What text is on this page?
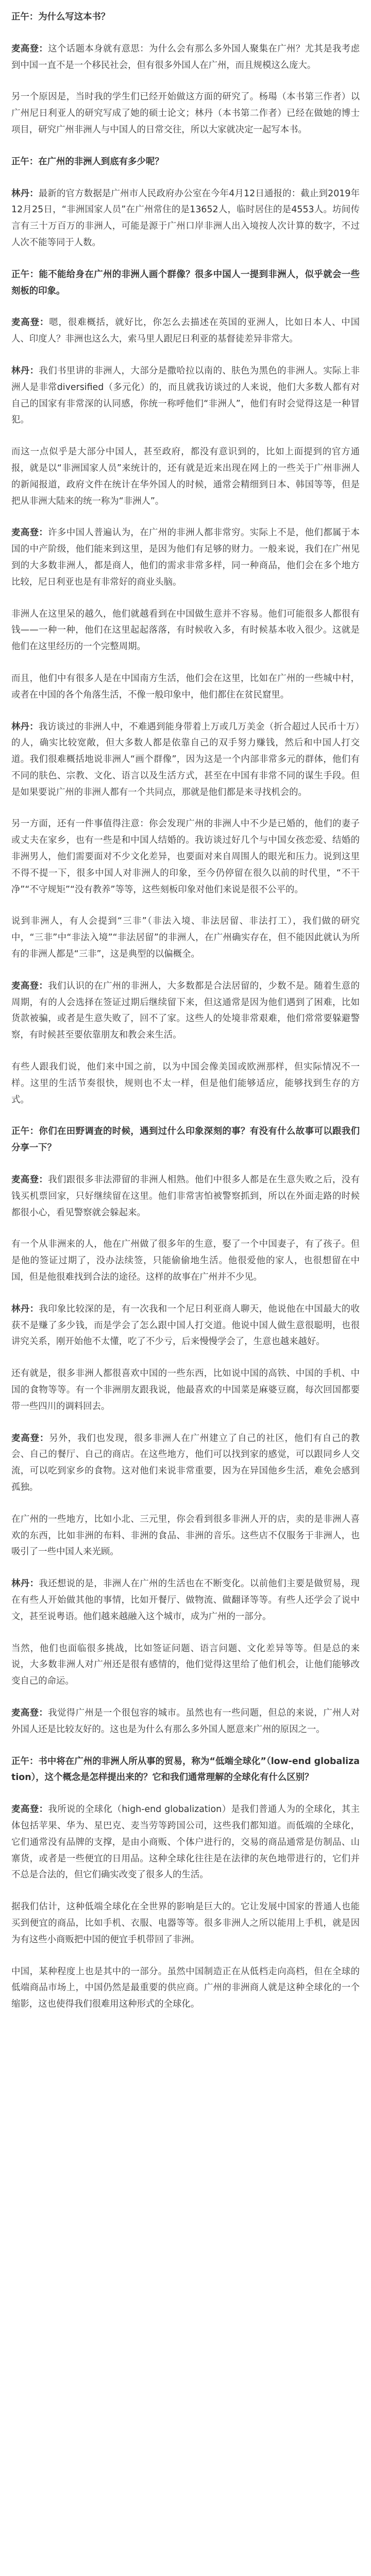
正午：为什么写这本书？

麦高登：这个话题本身就有意思：为什么会有那么多外国人聚集在广州？尤其是我考虑到中国一直不是一个移民社会，但有很多外国人在广州，而且规模这么庞大。

另一个原因是，当时我的学生们已经开始做这方面的研究了。杨瑒（本书第三作者）以广州尼日利亚人的研究写成了她的硕士论文；林丹（本书第二作者）已经在做她的博士项目，研究广州非洲人与中国人的日常交往，所以大家就决定一起写本书。

正午：在广州的非洲人到底有多少呢？

林丹：最新的官方数据是广州市人民政府办公室在今年4月12日通报的：截止到2019年12月25日，“非洲国家人员”在广州常住的是13652人，临时居住的是4553人。坊间传言有三十万百万的非洲人，可能是源于广州口岸非洲人出入境按人次计算的数字，不过人次不能等同于人数。

正午：能不能给身在广州的非洲人画个群像？很多中国人一提到非洲人，似乎就会一些刻板的印象。

麦高登：嗯，很难概括，就好比，你怎么去描述在英国的亚洲人，比如日本人、中国人、印度人？非洲也这么大，索马里人跟尼日利亚的基督徒差异非常大。

林丹：我们书里讲的非洲人，大部分是撒哈拉以南的、肤色为黑色的非洲人。实际上非洲人是非常diversified（多元化）的，而且就我访谈过的人来说，他们大多数人都有对自己的国家有非常深的认同感，你统一称呼他们“非洲人”，他们有时会觉得这是一种冒犯。

而这一点似乎是大部分中国人，甚至政府，都没有意识到的，比如上面提到的官方通报，就是以“非洲国家人员”来统计的，还有就是近来出现在网上的一些关于广州非洲人的新闻报道，政府文件在统计在华外国人的时候，通常会精细到日本、韩国等等，但是把从非洲大陆来的统一称为“非洲人”。

麦高登：许多中国人普遍认为，在广州的非洲人都非常穷。实际上不是，他们都属于本国的中产阶级，他们能来到这里，是因为他们有足够的财力。一般来说，我们在广州见到的大多数非洲人，都是商人，他们的需求非常多样，同一种商品，他们会在多个地方比较，尼日利亚也是有非常好的商业头脑。

非洲人在这里呆的越久，他们就越看到在中国做生意并不容易。他们可能很多人都很有钱——一种一种，他们在这里起起落落，有时候收入多，有时候基本收入很少。这就是他们在这里经历的一个完整周期。

而且，他们中有很多人是在中国南方生活，他们会在这里，比如在广州的一些城中村，或者在中国的各个角落生活，不像一般印象中，他们都住在贫民窟里。

林丹：我访谈过的非洲人中，不难遇到能身带着上万或几万美金（折合超过人民币十万）的人，确实比较宽敞，但大多数人都是依靠自己的双手努力赚钱，然后和中国人打交道。我们很难概括地说非洲人“画个群像”，因为这是一个内部非常多元的群体，他们有不同的肤色、宗教、文化、语言以及生活方式，甚至在中国有非常不同的谋生手段。但是如果要说广州的非洲人都有一个共同点，那就是他们都是来寻找机会的。

另一方面，还有一件事值得注意：你会发现广州的非洲人中不少是已婚的，他们的妻子或丈夫在家乡，也有一些是和中国人结婚的。我访谈过好几个与中国女孩恋爱、结婚的非洲男人，他们需要面对不少文化差异，也要面对来自周围人的眼光和压力。说到这里不得不提一下，很多中国人对非洲人的印象，至今仍停留在很久以前的时代里，“不干净”“不守规矩”“没有教养”等等，这些刻板印象对他们来说是很不公平的。

说到非洲人，有人会提到“三非”（非法入境、非法居留、非法打工），我们做的研究中，“三非”中“非法入境”“非法居留”的非洲人，在广州确实存在，但不能因此就认为所有的非洲人都是“三非”，这是典型的以偏概全。

麦高登：我们认识的在广州的非洲人，大多数都是合法居留的，少数不是。随着生意的周期，有的人会选择在签证过期后继续留下来，但这通常是因为他们遇到了困难，比如货款被骗，或者是生意失败了，回不了家。这些人的处境非常艰难，他们常常要躲避警察，有时候甚至要依靠朋友和教会来生活。

有些人跟我们说，他们来中国之前，以为中国会像美国或欧洲那样，但实际情况不一样。这里的生活节奏很快，规则也不太一样，但是他们能够适应，能够找到生存的方式。

正午：你们在田野调查的时候，遇到过什么印象深刻的事？有没有什么故事可以跟我们分享一下？

麦高登：我们跟很多非法滞留的非洲人相熟。他们中很多人都是在生意失败之后，没有钱买机票回家，只好继续留在这里。他们非常害怕被警察抓到，所以在外面走路的时候都很小心，看见警察就会躲起来。

有一个从非洲来的人，他在广州做了很多年的生意，娶了一个中国妻子，有了孩子。但是他的签证过期了，没办法续签，只能偷偷地生活。他很爱他的家人，也很想留在中国，但是他很难找到合法的途径。这样的故事在广州并不少见。

林丹：我印象比较深的是，有一次我和一个尼日利亚商人聊天，他说他在中国最大的收获不是赚了多少钱，而是学会了怎么跟中国人打交道。他说中国人做生意很聪明，也很讲究关系，刚开始他不太懂，吃了不少亏，后来慢慢学会了，生意也越来越好。

还有就是，很多非洲人都很喜欢中国的一些东西，比如说中国的高铁、中国的手机、中国的食物等等。有一个非洲朋友跟我说，他最喜欢的中国菜是麻婆豆腐，每次回国都要带一些四川的调料回去。

麦高登：另外，我们也发现，很多非洲人在广州建立了自己的社区，他们有自己的教会、自己的餐厅、自己的商店。在这些地方，他们可以找到家的感觉，可以跟同乡人交流，可以吃到家乡的食物。这对他们来说非常重要，因为在异国他乡生活，难免会感到孤独。

在广州的一些地方，比如小北、三元里，你会看到很多非洲人开的店，卖的是非洲人喜欢的东西，比如非洲的布料、非洲的食品、非洲的音乐。这些店不仅服务于非洲人，也吸引了一些中国人来光顾。

林丹：我还想说的是，非洲人在广州的生活也在不断变化。以前他们主要是做贸易，现在有些人开始做其他的事情，比如开餐厅、做物流、做翻译等等。有些人还学会了说中文，甚至说粤语。他们越来越融入这个城市，成为广州的一部分。

当然，他们也面临很多挑战，比如签证问题、语言问题、文化差异等等。但是总的来说，大多数非洲人对广州还是很有感情的，他们觉得这里给了他们机会，让他们能够改变自己的命运。

麦高登：我觉得广州是一个很包容的城市。虽然也有一些问题，但总的来说，广州人对外国人还是比较友好的。这也是为什么有那么多外国人愿意来广州的原因之一。

正午：书中将在广州的非洲人所从事的贸易，称为“低端全球化”（low-end globalization），这个概念是怎样提出来的？它和我们通常理解的全球化有什么区别？

麦高登：我所说的全球化（high-end globalization）是我们普通人为的全球化，其主体包括苹果、华为、星巴克、麦当劳等跨国公司，这些我们都知道。而低端的全球化，它们通常没有品牌的支撑，是由小商贩、个体户进行的，交易的商品通常是仿制品、山寨货，或者是一些便宜的日用品。这种全球化往往是在法律的灰色地带进行的，它们并不总是合法的，但它们确实改变了很多人的生活。

据我们估计，这种低端全球化在全世界的影响是巨大的。它让发展中国家的普通人也能买到便宜的商品，比如手机、衣服、电器等等。很多非洲人之所以能用上手机，就是因为有这些小商贩把中国的便宜手机带回了非洲。

中国，某种程度上也是其中的一部分。虽然中国制造正在从低档走向高档，但在全球的低端商品市场上，中国仍然是最重要的供应商。广州的非洲商人就是这种全球化的一个缩影，这也使得我们很难用这种形式的全球化。
